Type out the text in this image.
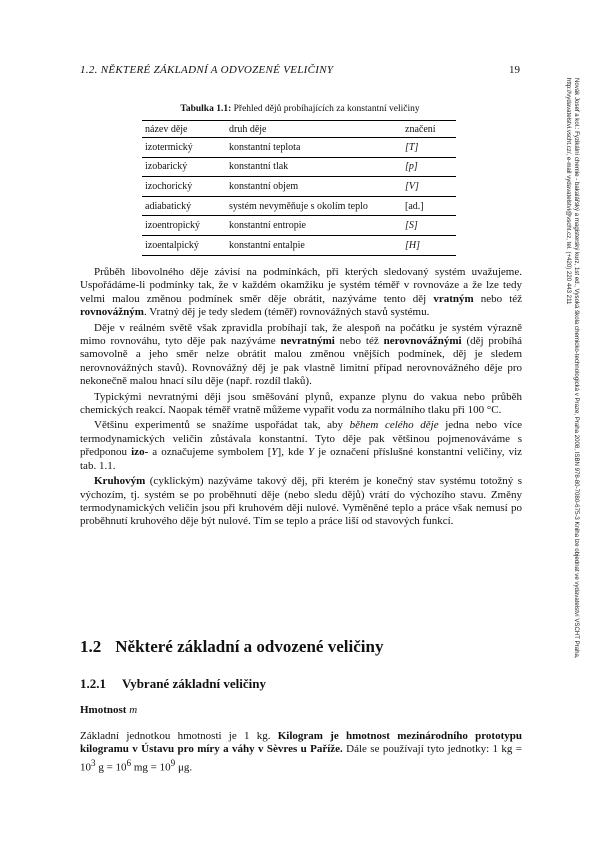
1.2. NĚKTERÉ ZÁKLADNÍ A ODVOZENÉ VELIČINY	19
Novák Josef a kol.: Fyzikální chemie - bakalářský a magisterský kurz, 1st ed., Vysoká škola chemicko-technologická v Praze, Praha 2008, ISBN 978-80-7080-675-3 Kniha lze objednat ve vydavatelství VŠCHT Praha, http://vydavatelstvi.vscht.cz/, e-mail vydavatelstvi@vscht.cz, tel. (+420) 220 443 211
Tabulka 1.1: Přehled dějů probíhajících za konstantní veličiny
název děje	druh děje	značení
izotermický	konstantní teplota	[T]
izobarický	konstantní tlak	[p]
izochorický	konstantní objem	[V]
adiabatický	systém nevyměňuje s okolím teplo	[ad.]
izoentropický	konstantní entropie	[S]
izoentalpický	konstantní entalpie	[H]

Průběh libovolného děje závisí na podmínkách, při kterých sledovaný systém uvažujeme. Uspořádáme-li podmínky tak, že v každém okamžiku je systém téměř v rovnováze a že lze tedy velmi malou změnou podmínek směr děje obrátit, nazýváme tento děj vratným nebo též rovnovážným. Vratný děj je tedy sledem (téměř) rovnovážných stavů systému.

Děje v reálném světě však zpravidla probíhají tak, že alespoň na počátku je systém výrazně mimo rovnováhu, tyto děje pak nazýváme nevratnými nebo též nerovnovážnými (děj probíhá samovolně a jeho směr nelze obrátit malou změnou vnějších podmínek, děj je sledem nerovnovážných stavů). Rovnovážný děj je pak vlastně limitní případ nerovnovážného děje pro nekonečně malou hnací sílu děje (např. rozdíl tlaků).

Typickými nevratnými ději jsou směšování plynů, expanze plynu do vakua nebo průběh chemických reakcí. Naopak téměř vratně můžeme vypařit vodu za normálního tlaku při 100 °C.

Většinu experimentů se snažíme uspořádat tak, aby během celého děje jedna nebo více termodynamických veličin zůstávala konstantní. Tyto děje pak většinou pojmenováváme s předponou izo- a označujeme symbolem [Y], kde Y je označení příslušné konstantní veličiny, viz tab. 1.1.

Kruhovým (cyklickým) nazýváme takový děj, při kterém je konečný stav systému totožný s výchozím, tj. systém se po proběhnutí děje (nebo sledu dějů) vrátí do výchozího stavu. Změny termodynamických veličin jsou při kruhovém ději nulové. Vyměněné teplo a práce však nemusí po proběhnutí kruhového děje být nulové. Tím se teplo a práce liší od stavových funkcí.

1.2 Některé základní a odvozené veličiny
1.2.1 Vybrané základní veličiny
Hmotnost m

Základní jednotkou hmotnosti je 1 kg. Kilogram je hmotnost mezinárodního prototypu kilogramu v Ústavu pro míry a váhy v Sèvres u Paříže. Dále se používají tyto jednotky: 1 kg = $10^3$ $g = 10^6$ mg = $10^9$ μg.
